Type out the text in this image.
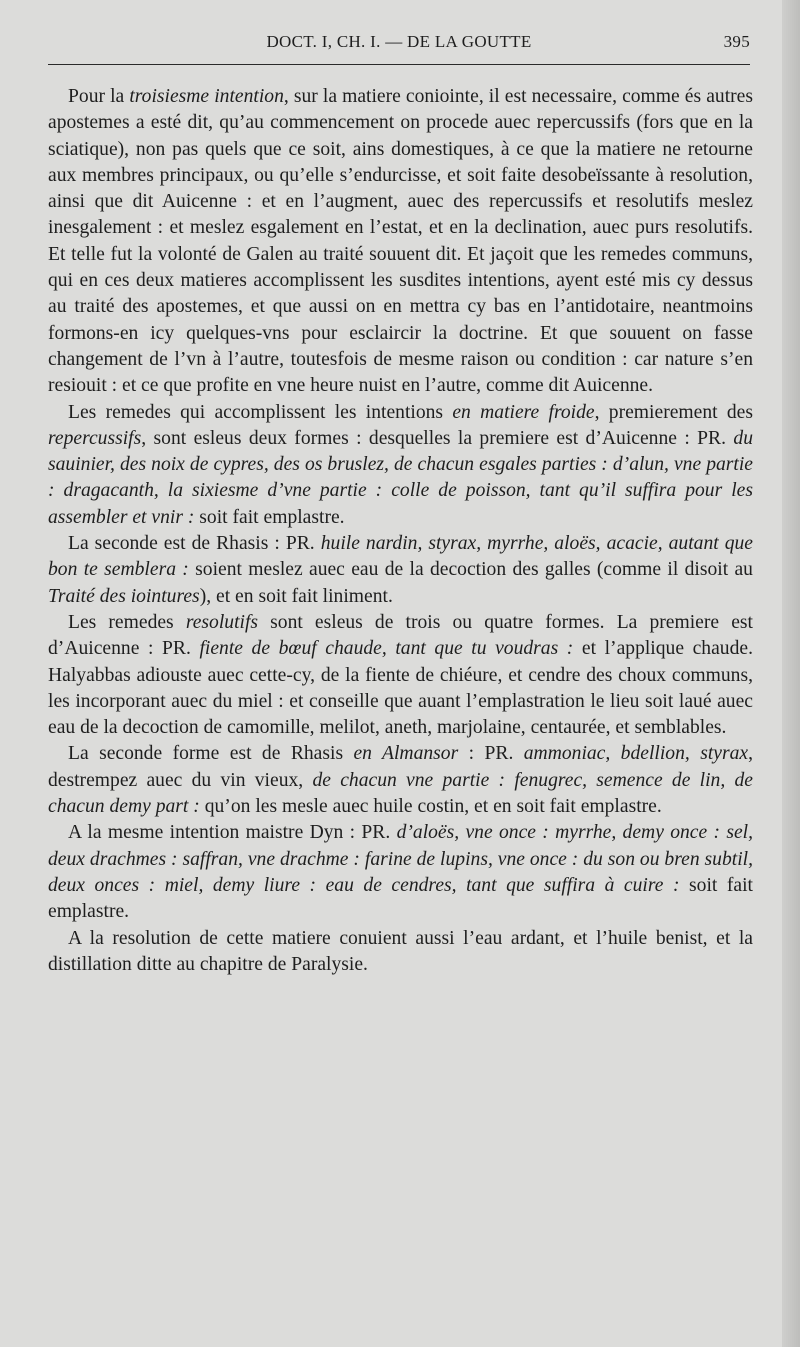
DOCT. I, CH. I. — DE LA GOUTTE	395

Pour la troisiesme intention, sur la matiere coniointe, il est necessaire, comme és autres apostemes a esté dit, qu’au commencement on procede auec repercussifs (fors que en la sciatique), non pas quels que ce soit, ains domestiques, à ce que la matiere ne retourne aux membres principaux, ou qu’elle s’endurcisse, et soit faite desobeïssante à resolution, ainsi que dit Auicenne : et en l’augment, auec des repercussifs et resolutifs meslez inesgalement : et meslez esgalement en l’estat, et en la declination, auec purs resolutifs. Et telle fut la volonté de Galen au traité souuent dit. Et jaçoit que les remedes communs, qui en ces deux matieres accomplissent les susdites intentions, ayent esté mis cy dessus au traité des apostemes, et que aussi on en mettra cy bas en l’antidotaire, neantmoins formons-en icy quelques-vns pour esclaircir la doctrine. Et que souuent on fasse changement de l’vn à l’autre, toutesfois de mesme raison ou condition : car nature s’en resiouit : et ce que profite en vne heure nuist en l’autre, comme dit Auicenne.

Les remedes qui accomplissent les intentions en matiere froide, premierement des repercussifs, sont esleus deux formes : desquelles la premiere est d’Auicenne : PR. du sauinier, des noix de cypres, des os bruslez, de chacun esgales parties : d’alun, vne partie : dragacanth, la sixiesme d’vne partie : colle de poisson, tant qu’il suffira pour les assembler et vnir : soit fait emplastre.

La seconde est de Rhasis : PR. huile nardin, styrax, myrrhe, aloës, acacie, autant que bon te semblera : soient meslez auec eau de la decoction des galles (comme il disoit au Traité des iointures), et en soit fait liniment.

Les remedes resolutifs sont esleus de trois ou quatre formes. La premiere est d’Auicenne : PR. fiente de bœuf chaude, tant que tu voudras : et l’applique chaude. Halyabbas adiouste auec cette-cy, de la fiente de chiéure, et cendre des choux communs, les incorporant auec du miel : et conseille que auant l’emplastration le lieu soit laué auec eau de la decoction de camomille, melilot, aneth, marjolaine, centaurée, et semblables.

La seconde forme est de Rhasis en Almansor : PR. ammoniac, bdellion, styrax, destrempez auec du vin vieux, de chacun vne partie : fenugrec, semence de lin, de chacun demy part : qu’on les mesle auec huile costin, et en soit fait emplastre.

A la mesme intention maistre Dyn : PR. d’aloës, vne once : myrrhe, demy once : sel, deux drachmes : saffran, vne drachme : farine de lupins, vne once : du son ou bren subtil, deux onces : miel, demy liure : eau de cendres, tant que suffira à cuire : soit fait emplastre.

A la resolution de cette matiere conuient aussi l’eau ardant, et l’huile benist, et la distillation ditte au chapitre de Paralysie.
